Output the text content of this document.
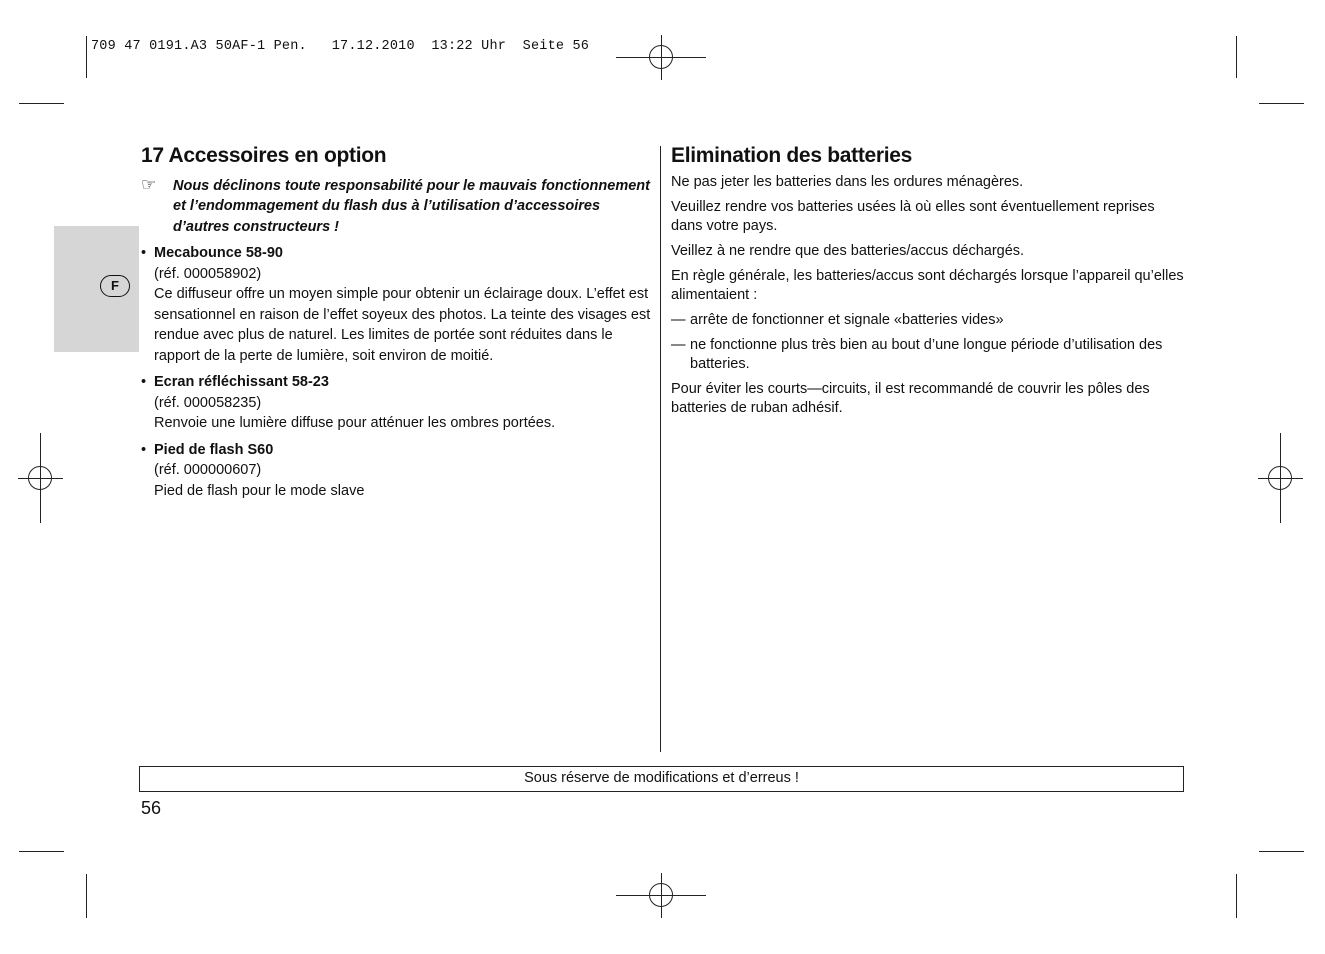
709 47 0191.A3 50AF-1 Pen.   17.12.2010  13:22 Uhr  Seite 56
F
17 Accessoires en option
☞ Nous déclinons toute responsabilité pour le mauvais fonctionnement et l’endommagement du flash dus à l’utilisation d’accessoires d’autres constructeurs !
• Mecabounce 58-90
(réf. 000058902)
Ce diffuseur offre un moyen simple pour obtenir un éclairage doux. L’effet est sensationnel en raison de l’effet soyeux des photos. La teinte des visages est rendue avec plus de naturel. Les limites de portée sont réduites dans le rapport de la perte de lumière, soit environ de moitié.
• Ecran réfléchissant 58-23
(réf. 000058235)
Renvoie une lumière diffuse pour atténuer les ombres portées.
• Pied de flash S60
(réf. 000000607)
Pied de flash pour le mode slave
Elimination des batteries

Ne pas jeter les batteries dans les ordures ménagères.

Veuillez rendre vos batteries usées là où elles sont éventuellement reprises dans votre pays.

Veillez à ne rendre que des batteries/accus déchargés.

En règle générale, les batteries/accus sont déchargés lorsque l’appareil qu’elles alimentaient :

— arrête de fonctionner et signale «batteries vides»
— ne fonctionne plus très bien au bout d’une longue période d’utilisation des batteries.

Pour éviter les courts—circuits, il est recommandé de couvrir les pôles des batteries de ruban adhésif.

Sous réserve de modifications et d’erreus !
56
